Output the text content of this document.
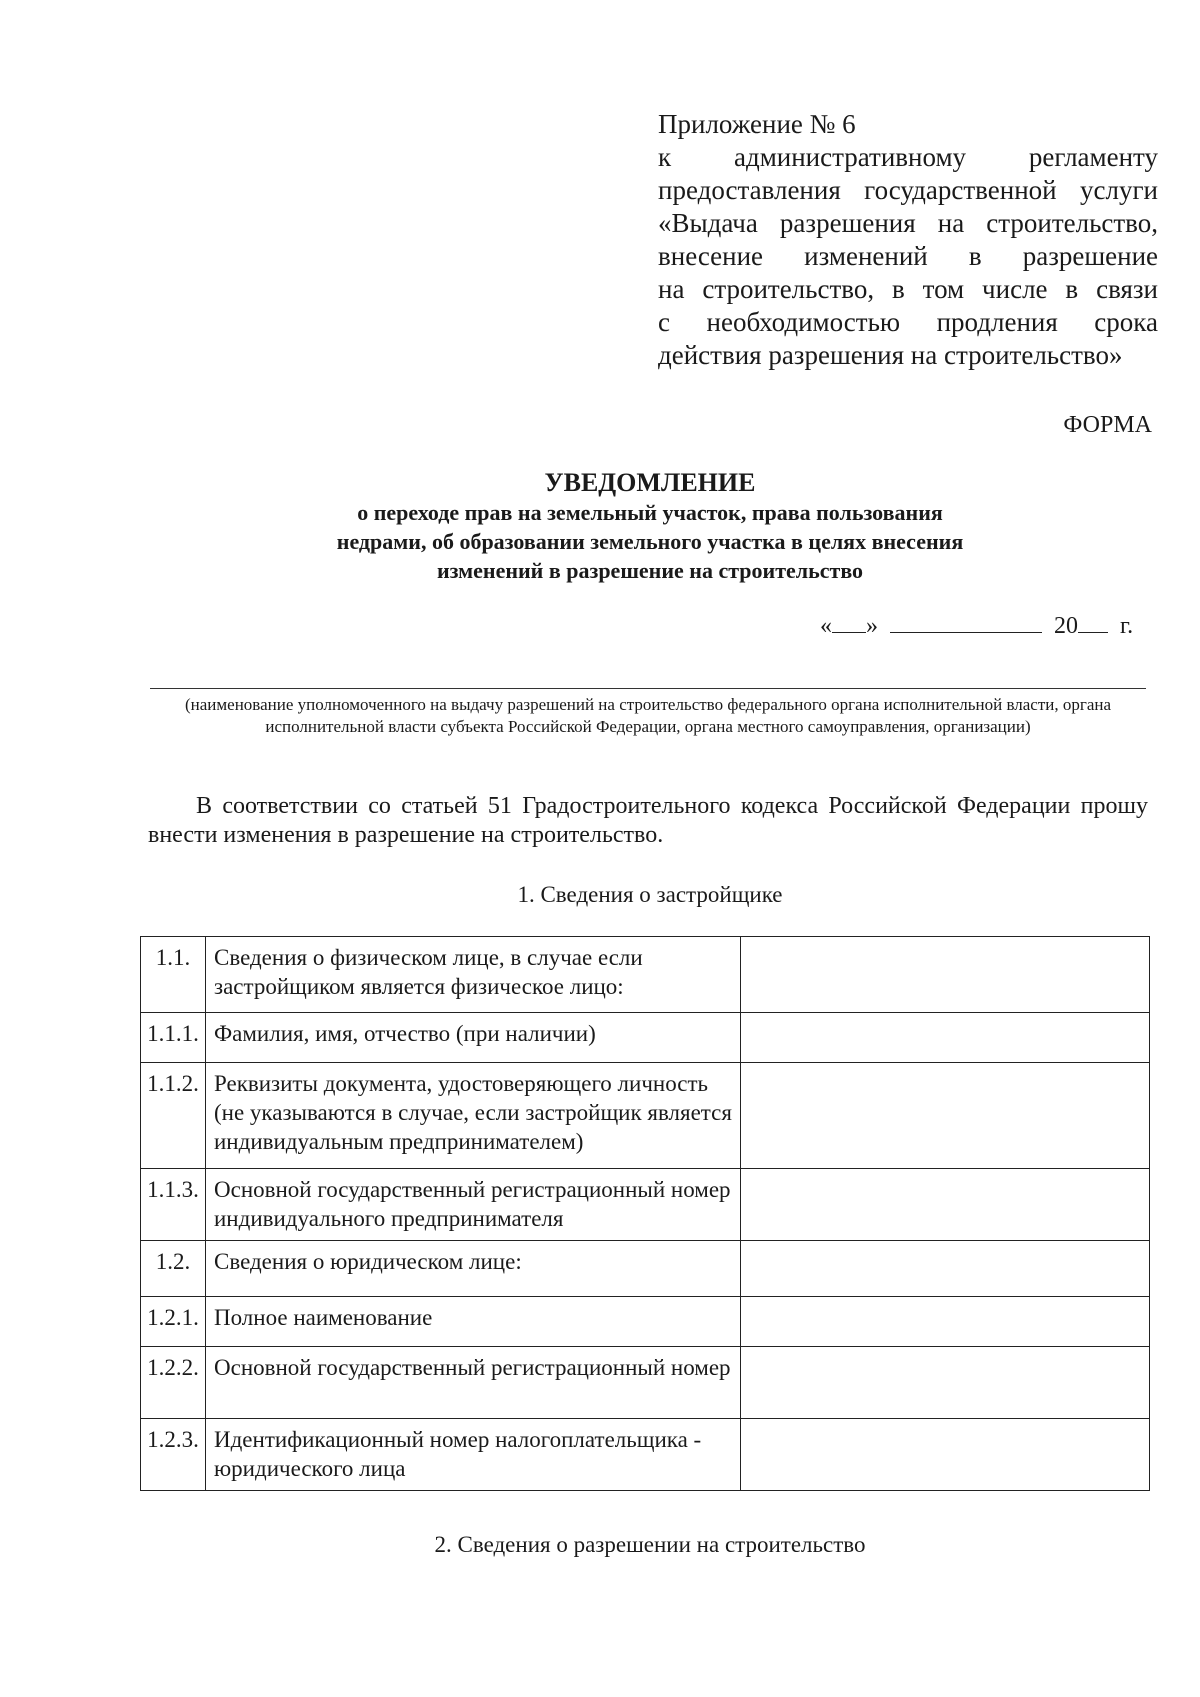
Приложение № 6
к административному регламенту
предоставления государственной услуги
«Выдача разрешения на строительство,
внесение изменений в разрешение
на строительство, в том числе в связи
с необходимостью продления срока
действия разрешения на строительство»
ФОРМА
УВЕДОМЛЕНИЕ
о переходе прав на земельный участок, права пользования
недрами, об образовании земельного участка в целях внесения
изменений в разрешение на строительство
« »	20 г.
(наименование уполномоченного на выдачу разрешений на строительство федерального органа исполнительной власти, органа исполнительной власти субъекта Российской Федерации, органа местного самоуправления, организации)
В соответствии со статьей 51 Градостроительного кодекса Российской Федерации прошу внести изменения в разрешение на строительство.
1. Сведения о застройщике
1.1.	Сведения о физическом лице, в случае если застройщиком является физическое лицо:	
1.1.1.	Фамилия, имя, отчество (при наличии)	
1.1.2.	Реквизиты документа, удостоверяющего личность (не указываются в случае, если застройщик является индивидуальным предпринимателем)	
1.1.3.	Основной государственный регистрационный номер индивидуального предпринимателя	
1.2.	Сведения о юридическом лице:	
1.2.1.	Полное наименование	
1.2.2.	Основной государственный регистрационный номер	
1.2.3.	Идентификационный номер налогоплательщика - юридического лица	
2. Сведения о разрешении на строительство
